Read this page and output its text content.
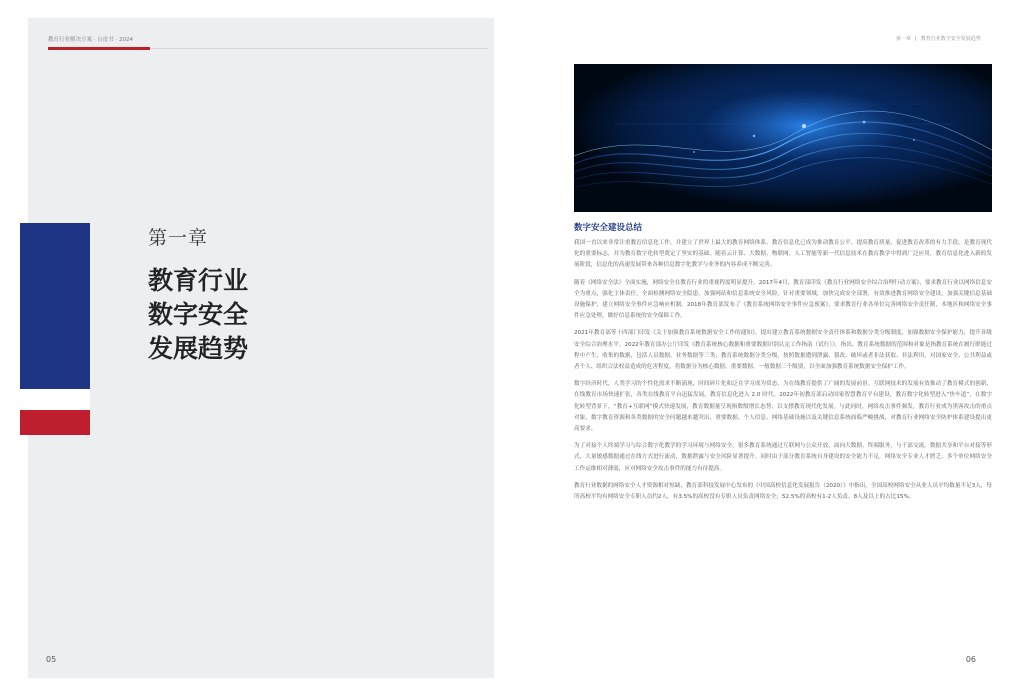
教育行业解决方案 · 白皮书 · 2024
第一章
教育行业
数字安全
发展趋势
05
第一章 | 教育行业数字安全发展趋势
数字安全建设总结

我国一直以来非常注重教育信息化工作，并建立了世界上最大的教育网络体系。教育信息化已成为推动教育公平、提高教育质量、促进教育改革的有力手段，是教育现代化的重要标志，并为教育数字化转型奠定了坚实的基础。随着云计算、大数据、物联网、人工智能等新一代信息技术在教育教学中得到广泛应用，教育信息化进入新的发展阶段，信息化的高速发展带来各种信息数字化教学与业务的内容养成不断完善。

随着《网络安全法》全面实施，网络安全在教育行业的重视程度明显提升。2017年4月，教育部印发《教育行业网络安全综合治理行动方案》，要求教育行业以网络信息安全为重点，强化主体责任，全面检测网络安全隐患，加强网站和信息系统安全风险，针对重要领域，加快完成安全部署，有效推进教育网络安全建设，加强关键信息基础设施保护，建立网络安全事件应急响应机制。2018年教育部发布了《教育系统网络安全事件应急预案》，要求教育行业各单位完善网络安全责任制，本地区和网络安全事件应急处理，做好信息系统的安全保障工作。

2021年教育部等十四部门印发《关于加强教育系统数据安全工作的通知》，提出建立教育系统数据安全责任体系和数据分类分级制度，加强数据安全保护能力，提升各级安全综合治理水平。2022年教育部办公厅印发《教育系统核心数据和重要数据识别认定工作指南（试行）》，指出，教育系统数据的范围和对象是指教育系统在履行职能过程中产生、收集的数据，包括人员数据、业务数据等三类；教育系统数据分类分级，按照数据遭到泄露、篡改、破坏或者非法获取、非法利用，对国家安全、公共利益或者个人、组织合法权益造成的危害程度，将数据分为核心数据、重要数据、一般数据三个级别，以全面加强教育系统数据安全保护工作。

数字经济时代，人类学习的个性化需求不断涌现，时间碎片化和泛在学习成为常态，为在线教育提供了广阔的发展前景。互联网技术的发展有效推动了教育模式的创新，在线教育市场快速扩张，各类在线教育平台迅猛发展，教育信息化进入 2.0 时代。2022年初教育部启动国家智慧教育平台建设，教育数字化转型进入“快车道”，在数字化转型背景下，“教育+互联网”模式快速发展，教育数据量呈现指数级增长态势，以支撑教育现代化发展。与此同时，网络攻击事件频发，教育行业成为黑客攻击的重点对象，数字教育资源和各类数据的安全问题越来越突出，重要数据、个人信息、网络基础设施以及关键信息系统面临严峻挑战，对教育行业网络安全防护体系建设提出更高要求。

为了对接个人终端学习与综合数字化教学的学习环境与网络安全，很多教育系统通过互联网与公众开放、面向大数据、终端服务，与干部交流、数据共享和平台对接等形式，大量敏感数据通过在线方式进行流动，数据泄露与安全风险显著提升。同时由于部分教育系统自身建设的安全能力不足，网络安全专业人才匮乏，多个单位网络安全工作运维相对薄弱，应对网络安全攻击事件的能力有待提高。

教育行业数据的网络安全人才资源相对短缺，教育部科技发展中心发布的《中国高校信息化发展报告（2020）》中指出，全国高校网络安全从业人员平均数量不足3人，每所高校平均有网络安全专职人员约2人，有3.5%的高校没有专职人员负责网络安全；52.5%的高校有1-2人负责，8人及以上的占比15%。

06
